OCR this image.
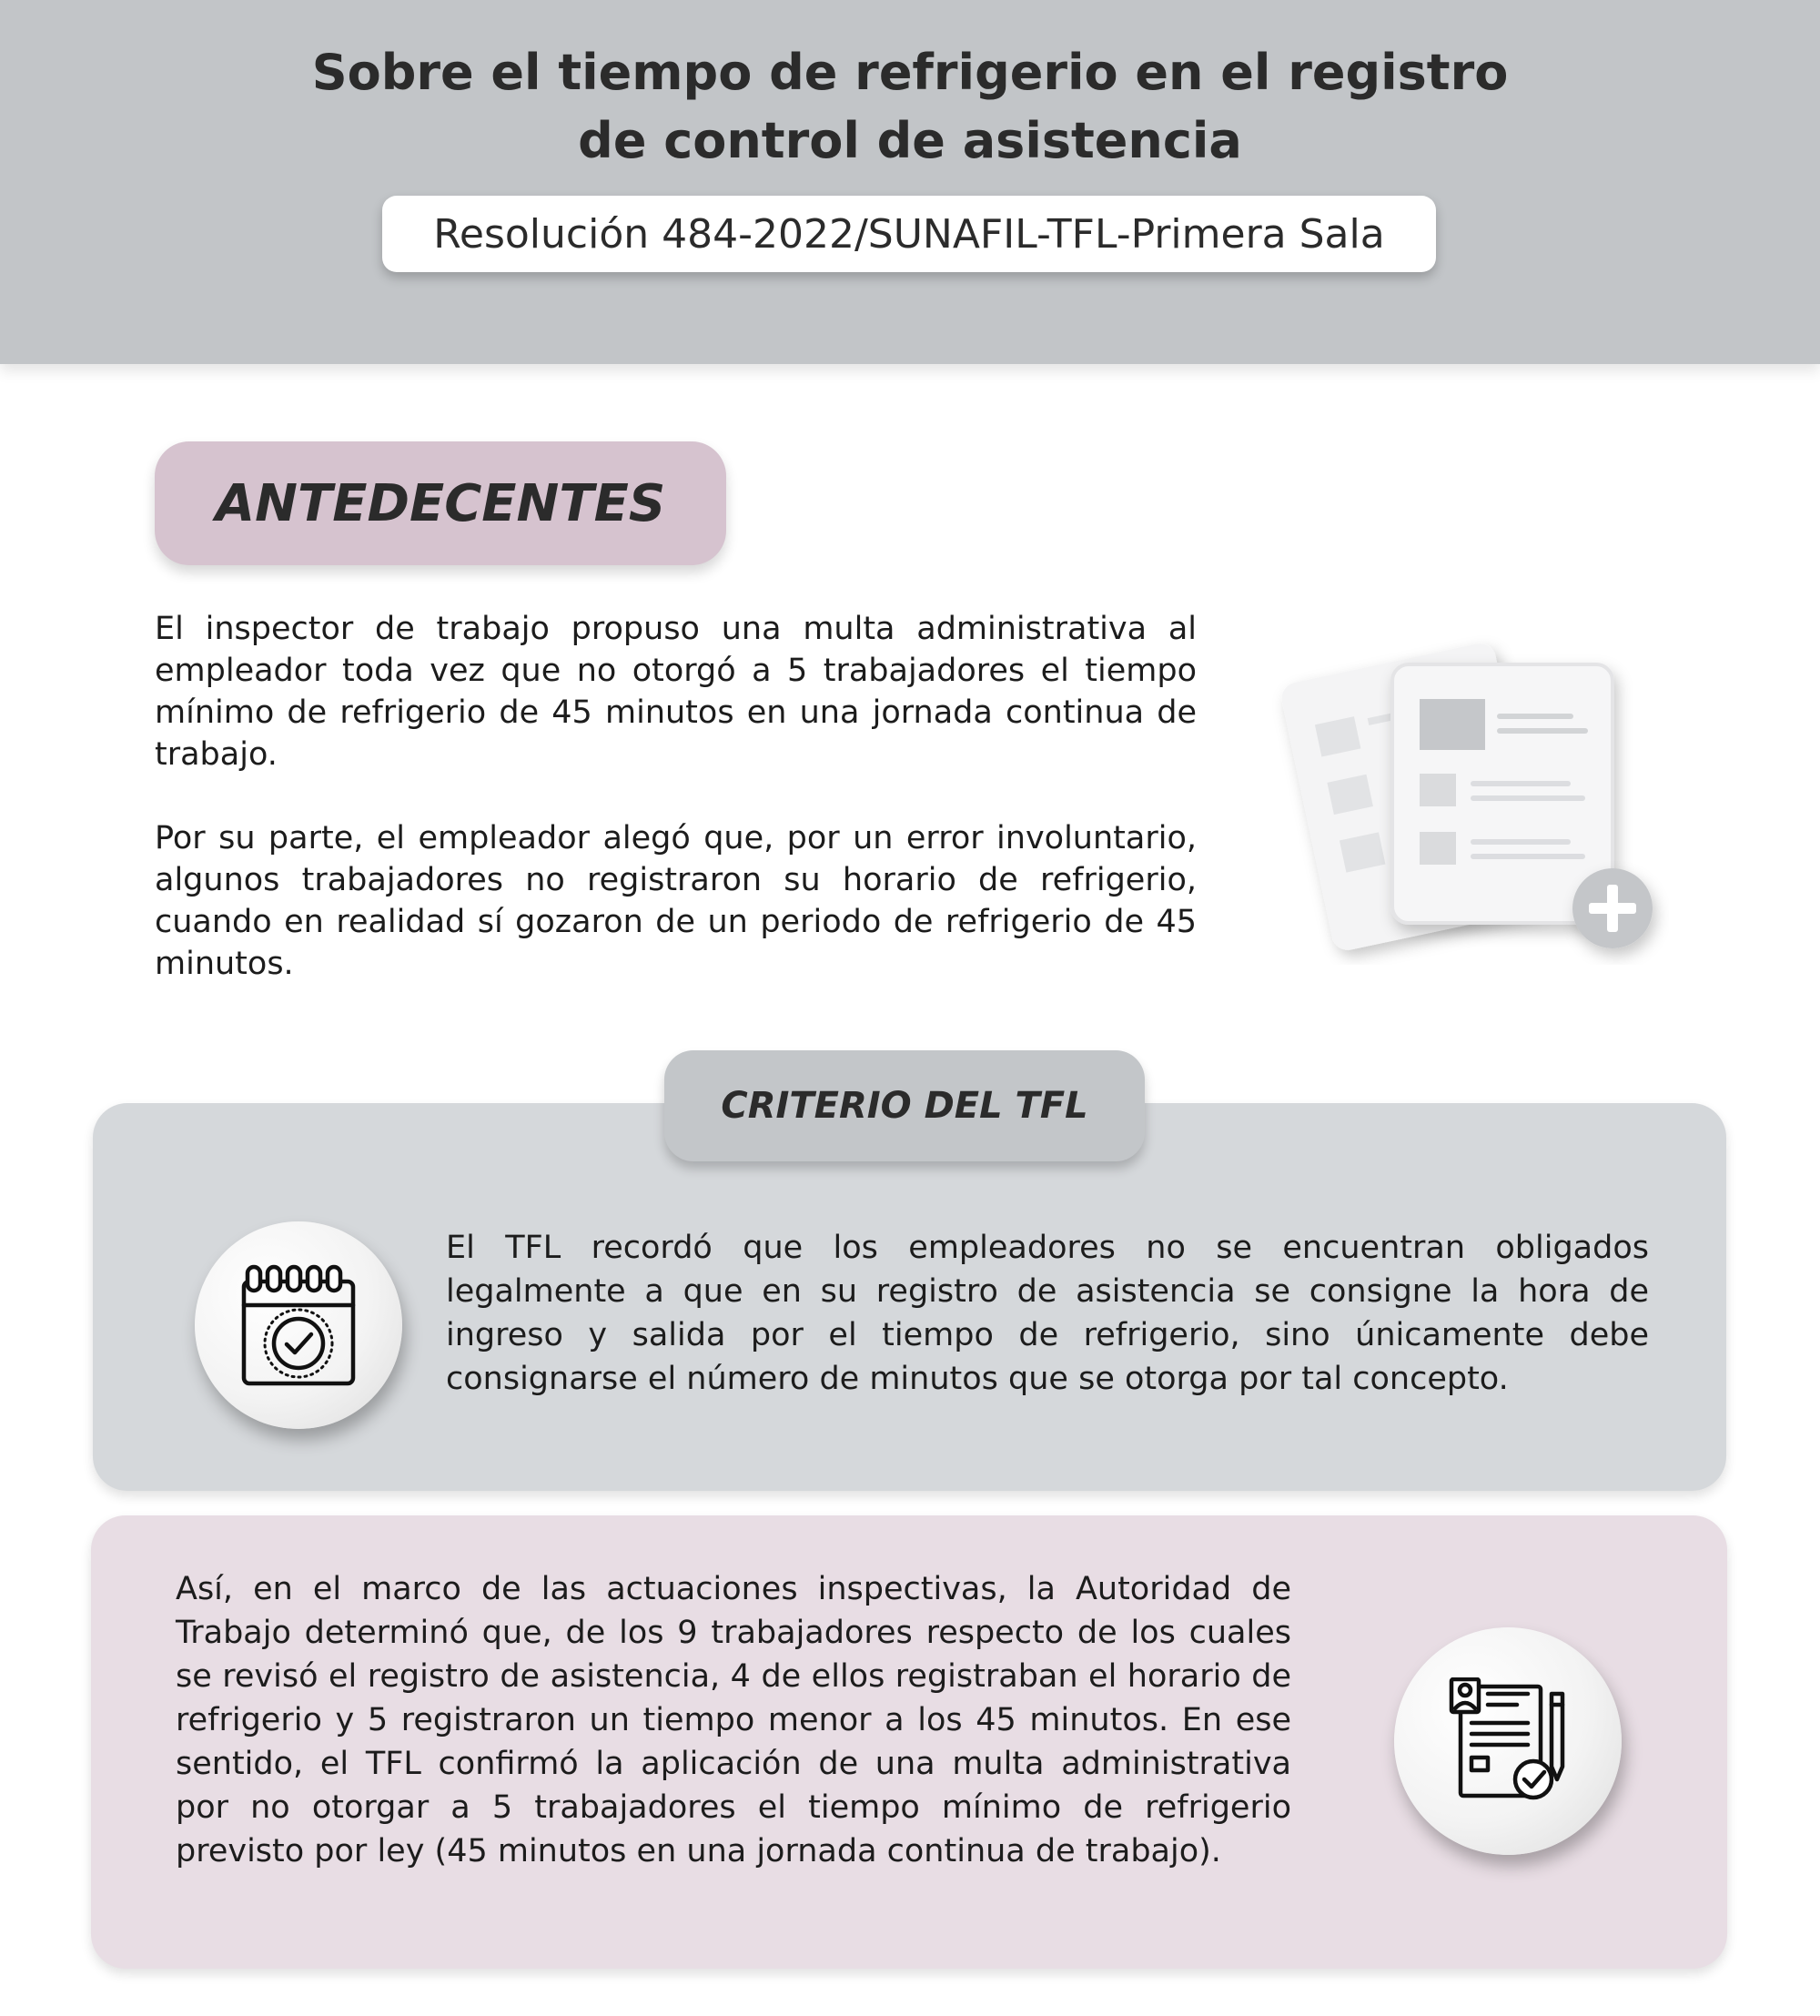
Sobre el tiempo de refrigerio en el registro
de control de asistencia
Resolución 484-2022/SUNAFIL-TFL-Primera Sala
ANTEDECENTES

El inspector de trabajo propuso una multa administrativa al empleador toda vez que no otorgó a 5 trabajadores el tiempo mínimo de refrigerio de 45 minutos en una jornada continua de trabajo.

Por su parte, el empleador alegó que, por un error involuntario, algunos trabajadores no registraron su horario de refrigerio, cuando en realidad sí gozaron de un periodo de refrigerio de 45 minutos.

CRITERIO DEL TFL

El TFL recordó que los empleadores no se encuentran obligados legalmente a que en su registro de asistencia se consigne la hora de ingreso y salida por el tiempo de refrigerio, sino únicamente debe consignarse el número de minutos que se otorga por tal concepto.

Así, en el marco de las actuaciones inspectivas, la Autoridad de Trabajo determinó que, de los 9 trabajadores respecto de los cuales se revisó el registro de asistencia, 4 de ellos registraban el horario de refrigerio y 5 registraron un tiempo menor a los 45 minutos. En ese sentido, el TFL confirmó la aplicación de una multa administrativa por no otorgar a 5 trabajadores el tiempo mínimo de refrigerio previsto por ley (45 minutos en una jornada continua de trabajo).
